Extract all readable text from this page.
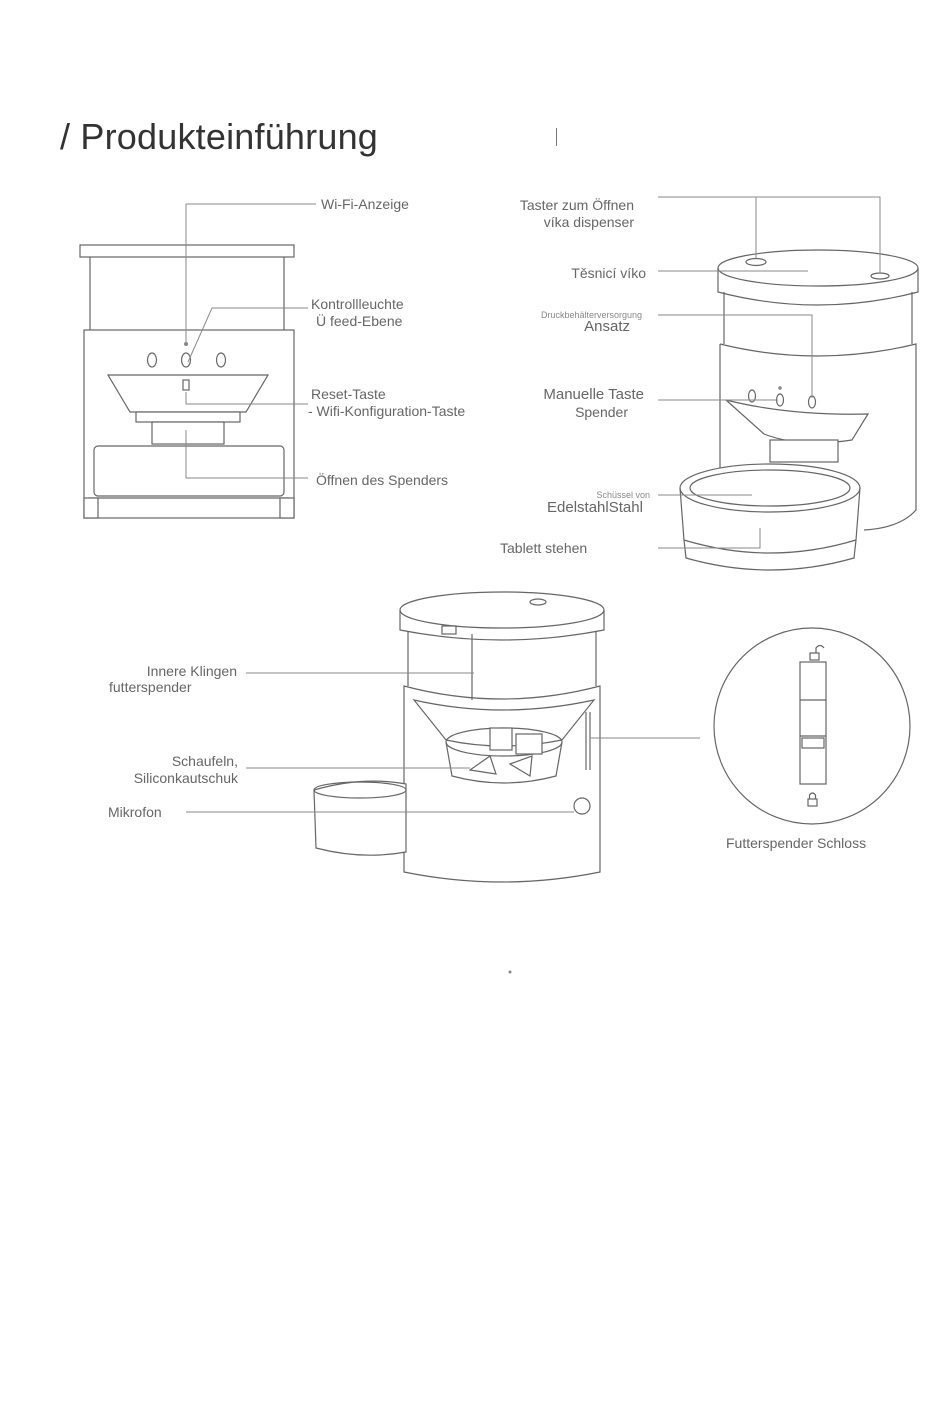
/ Produkteinführung
Wi-Fi-Anzeige
Kontrollleuchte
Ü feed-Ebene
Reset-Taste
- Wifi-Konfiguration-Taste
Öffnen des Spenders
Taster zum Öffnen
víka dispenser
Těsnicí víko
Druckbehälterversorgung
Ansatz
Manuelle Taste
Spender
Schüssel von
EdelstahlStahl
Tablett stehen
Innere Klingen
futterspender
Schaufeln,
Siliconkautschuk
Mikrofon
Futterspender Schloss
